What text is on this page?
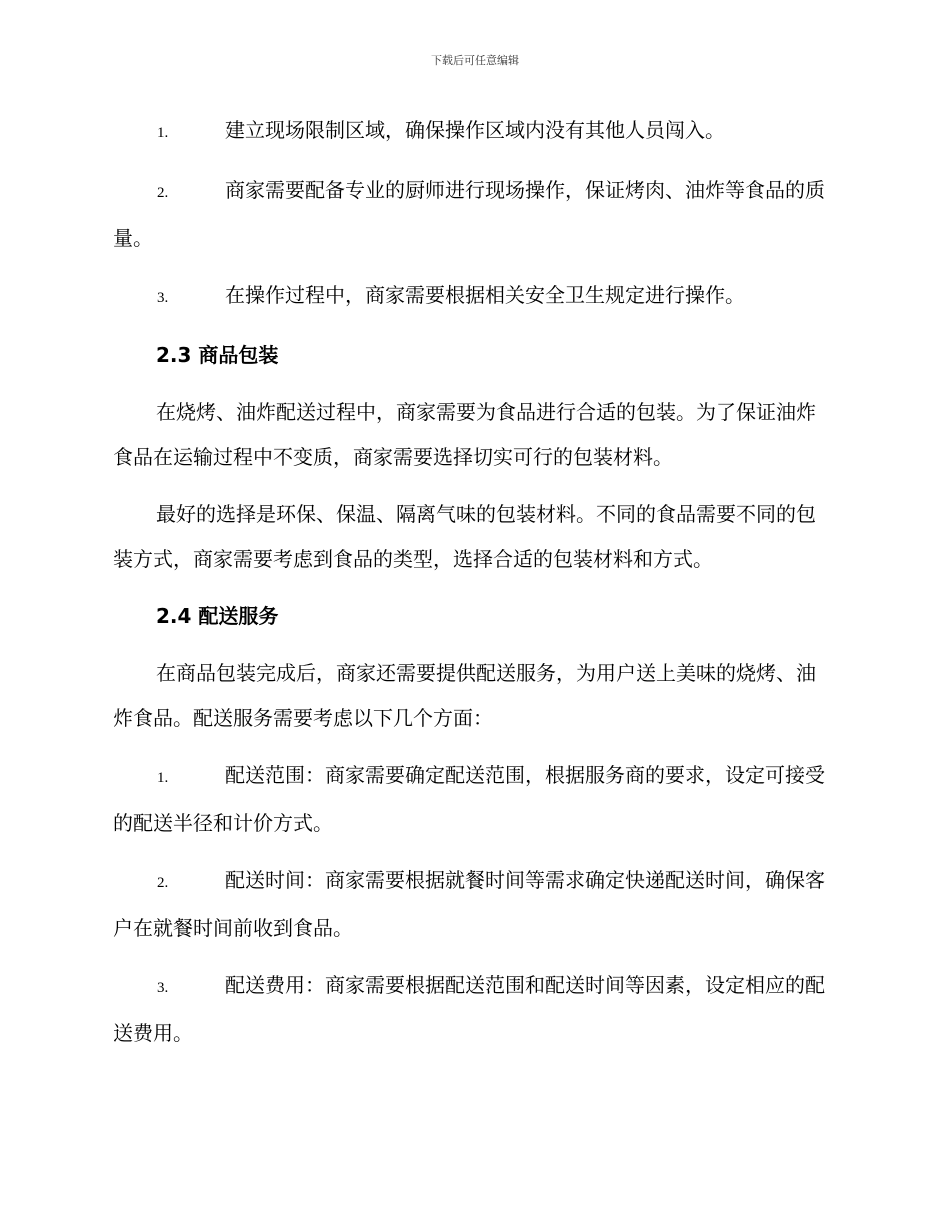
下载后可任意编辑
1.	建立现场限制区域，确保操作区域内没有其他人员闯入。
2.	商家需要配备专业的厨师进行现场操作，保证烤肉、油炸等食品的质量。
3.	在操作过程中，商家需要根据相关安全卫生规定进行操作。
2.3 商品包装

在烧烤、油炸配送过程中，商家需要为食品进行合适的包装。为了保证油炸食品在运输过程中不变质，商家需要选择切实可行的包装材料。

最好的选择是环保、保温、隔离气味的包装材料。不同的食品需要不同的包装方式，商家需要考虑到食品的类型，选择合适的包装材料和方式。

2.4 配送服务

在商品包装完成后，商家还需要提供配送服务，为用户送上美味的烧烤、油炸食品。配送服务需要考虑以下几个方面：

1.	配送范围：商家需要确定配送范围，根据服务商的要求，设定可接受的配送半径和计价方式。
2.	配送时间：商家需要根据就餐时间等需求确定快递配送时间，确保客户在就餐时间前收到食品。
3.	配送费用：商家需要根据配送范围和配送时间等因素，设定相应的配送费用。
